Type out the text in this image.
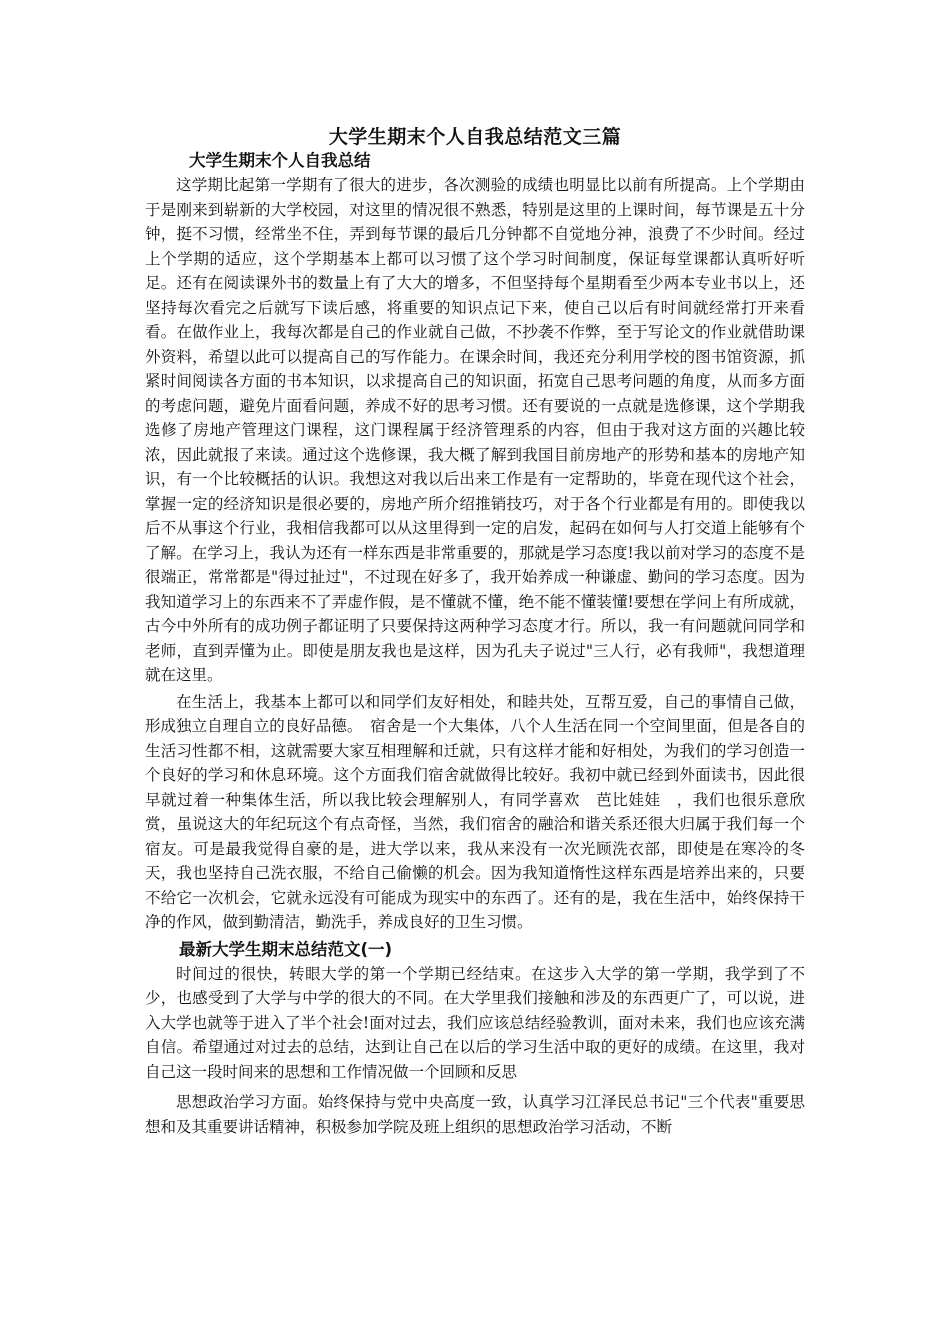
大学生期末个人自我总结范文三篇
大学生期末个人自我总结

这学期比起第一学期有了很大的进步，各次测验的成绩也明显比以前有所提高。上个学期由于是刚来到崭新的大学校园，对这里的情况很不熟悉，特别是这里的上课时间，每节课是五十分钟，挺不习惯，经常坐不住，弄到每节课的最后几分钟都不自觉地分神，浪费了不少时间。经过上个学期的适应，这个学期基本上都可以习惯了这个学习时间制度，保证每堂课都认真听好听足。还有在阅读课外书的数量上有了大大的增多，不但坚持每个星期看至少两本专业书以上，还坚持每次看完之后就写下读后感，将重要的知识点记下来，使自己以后有时间就经常打开来看看。在做作业上，我每次都是自己的作业就自己做，不抄袭不作弊，至于写论文的作业就借助课外资料，希望以此可以提高自己的写作能力。在课余时间，我还充分利用学校的图书馆资源，抓紧时间阅读各方面的书本知识，以求提高自己的知识面，拓宽自己思考问题的角度，从而多方面的考虑问题，避免片面看问题，养成不好的思考习惯。还有要说的一点就是选修课，这个学期我选修了房地产管理这门课程，这门课程属于经济管理系的内容，但由于我对这方面的兴趣比较浓，因此就报了来读。通过这个选修课，我大概了解到我国目前房地产的形势和基本的房地产知识，有一个比较概括的认识。我想这对我以后出来工作是有一定帮助的，毕竟在现代这个社会，掌握一定的经济知识是很必要的，房地产所介绍推销技巧，对于各个行业都是有用的。即使我以后不从事这个行业，我相信我都可以从这里得到一定的启发，起码在如何与人打交道上能够有个了解。在学习上，我认为还有一样东西是非常重要的，那就是学习态度!我以前对学习的态度不是很端正，常常都是"得过扯过"，不过现在好多了，我开始养成一种谦虚、勤问的学习态度。因为我知道学习上的东西来不了弄虚作假，是不懂就不懂，绝不能不懂装懂!要想在学问上有所成就，古今中外所有的成功例子都证明了只要保持这两种学习态度才行。所以，我一有问题就问同学和老师，直到弄懂为止。即使是朋友我也是这样，因为孔夫子说过"三人行，必有我师"，我想道理就在这里。

在生活上，我基本上都可以和同学们友好相处，和睦共处，互帮互爱，自己的事情自己做，形成独立自理自立的良好品德。　宿舍是一个大集体，八个人生活在同一个空间里面，但是各自的生活习性都不相，这就需要大家互相理解和迁就，只有这样才能和好相处，为我们的学习创造一个良好的学习和休息环境。这个方面我们宿舍就做得比较好。我初中就已经到外面读书，因此很早就过着一种集体生活，所以我比较会理解别人，有同学喜欢　芭比娃娃　，我们也很乐意欣赏，虽说这大的年纪玩这个有点奇怪，当然，我们宿舍的融洽和谐关系还很大归属于我们每一个宿友。可是最我觉得自豪的是，进大学以来，我从来没有一次光顾洗衣部，即使是在寒冷的冬天，我也坚持自己洗衣服，不给自己偷懒的机会。因为我知道惰性这样东西是培养出来的，只要不给它一次机会，它就永远没有可能成为现实中的东西了。还有的是，我在生活中，始终保持干净的作风，做到勤清洁，勤洗手，养成良好的卫生习惯。

最新大学生期末总结范文(一)

时间过的很快，转眼大学的第一个学期已经结束。在这步入大学的第一学期，我学到了不少，也感受到了大学与中学的很大的不同。在大学里我们接触和涉及的东西更广了，可以说，进入大学也就等于进入了半个社会!面对过去，我们应该总结经验教训，面对未来，我们也应该充满自信。希望通过对过去的总结，达到让自己在以后的学习生活中取的更好的成绩。在这里，我对自己这一段时间来的思想和工作情况做一个回顾和反思

思想政治学习方面。始终保持与党中央高度一致，认真学习江泽民总书记"三个代表"重要思想和及其重要讲话精神，积极参加学院及班上组织的思想政治学习活动，不断
